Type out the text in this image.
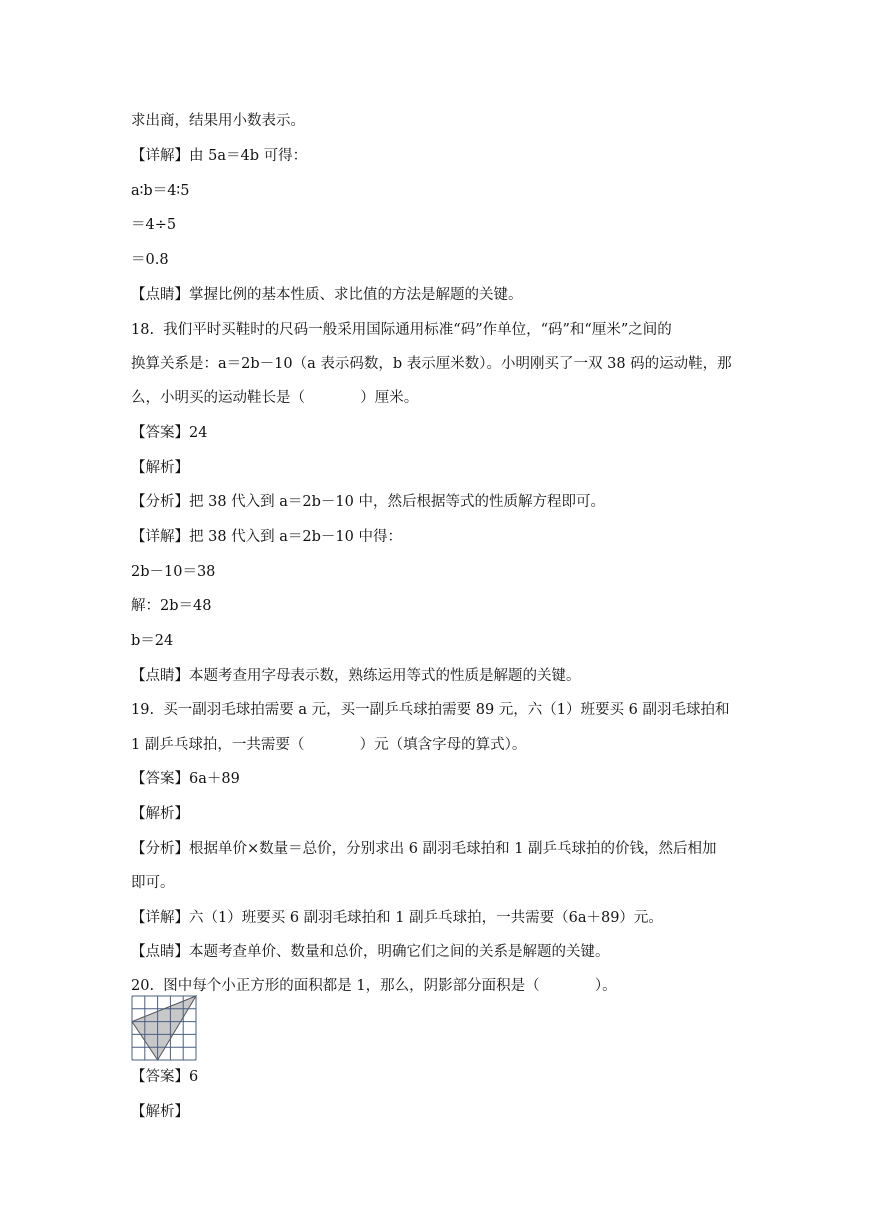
求出商，结果用小数表示。

【详解】由 5a＝4b 可得：

a∶b＝4∶5

＝4÷5

＝0.8

【点睛】掌握比例的基本性质、求比值的方法是解题的关键。

18.  我们平时买鞋时的尺码一般采用国际通用标准“码”作单位，“码”和“厘米”之间的

换算关系是：a＝2b－10（a 表示码数，b 表示厘米数）。小明刚买了一双 38 码的运动鞋，那

么，小明买的运动鞋长是（            ）厘米。

【答案】24

【解析】

【分析】把 38 代入到 a＝2b－10 中，然后根据等式的性质解方程即可。

【详解】把 38 代入到 a＝2b－10 中得：

2b－10＝38

解：2b＝48

b＝24

【点睛】本题考查用字母表示数，熟练运用等式的性质是解题的关键。

19.  买一副羽毛球拍需要 a 元，买一副乒乓球拍需要 89 元，六（1）班要买 6 副羽毛球拍和

1 副乒乓球拍，一共需要（            ）元（填含字母的算式）。

【答案】6a＋89

【解析】

【分析】根据单价×数量＝总价，分别求出 6 副羽毛球拍和 1 副乒乓球拍的价钱，然后相加

即可。

【详解】六（1）班要买 6 副羽毛球拍和 1 副乒乓球拍，一共需要（6a＋89）元。

【点睛】本题考查单价、数量和总价，明确它们之间的关系是解题的关键。

20.  图中每个小正方形的面积都是 1，那么，阴影部分面积是（            ）。

【答案】6

【解析】
